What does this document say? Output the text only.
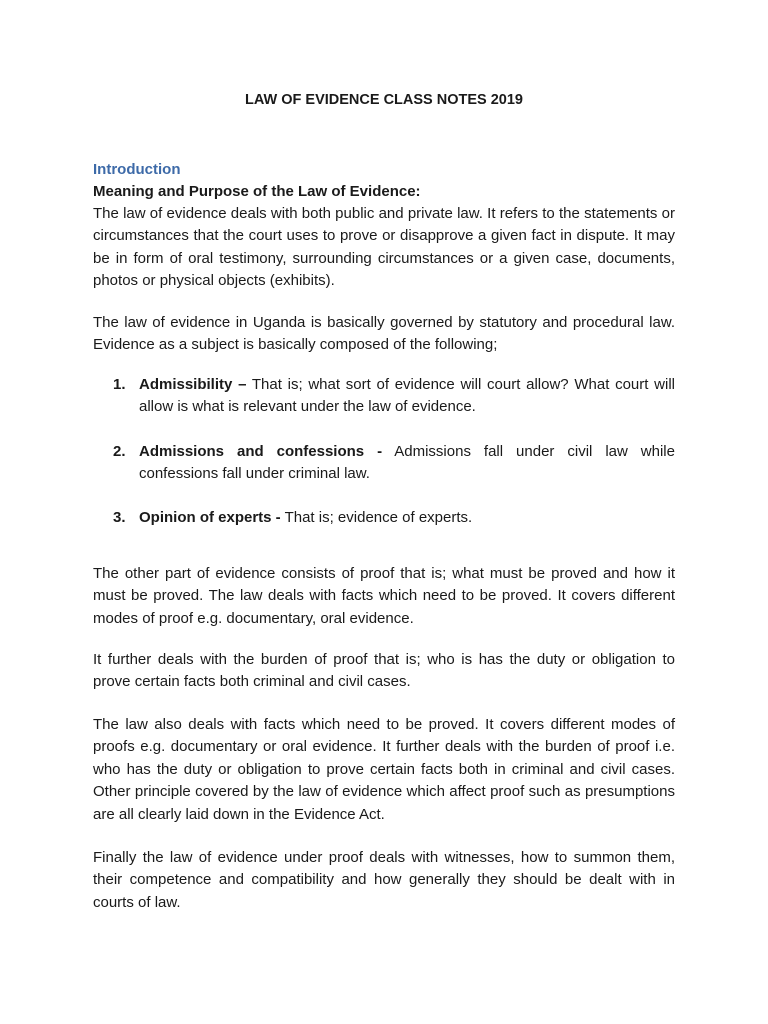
LAW OF EVIDENCE CLASS NOTES 2019
Introduction
Meaning and Purpose of the Law of Evidence:

The law of evidence deals with both public and private law. It refers to the statements or circumstances that the court uses to prove or disapprove a given fact in dispute. It may be in form of oral testimony, surrounding circumstances or a given case, documents, photos or physical objects (exhibits).

The law of evidence in Uganda is basically governed by statutory and procedural law. Evidence as a subject is basically composed of the following;

1. Admissibility – That is; what sort of evidence will court allow? What court will allow is what is relevant under the law of evidence.
2. Admissions and confessions - Admissions fall under civil law while confessions fall under criminal law.
3. Opinion of experts - That is; evidence of experts.

The other part of evidence consists of proof that is; what must be proved and how it must be proved. The law deals with facts which need to be proved. It covers different modes of proof e.g. documentary, oral evidence.

It further deals with the burden of proof that is; who is has the duty or obligation to prove certain facts both criminal and civil cases.

The law also deals with facts which need to be proved. It covers different modes of proofs e.g. documentary or oral evidence. It further deals with the burden of proof i.e. who has the duty or obligation to prove certain facts both in criminal and civil cases. Other principle covered by the law of evidence which affect proof such as presumptions are all clearly laid down in the Evidence Act.

Finally the law of evidence under proof deals with witnesses, how to summon them, their competence and compatibility and how generally they should be dealt with in courts of law.
